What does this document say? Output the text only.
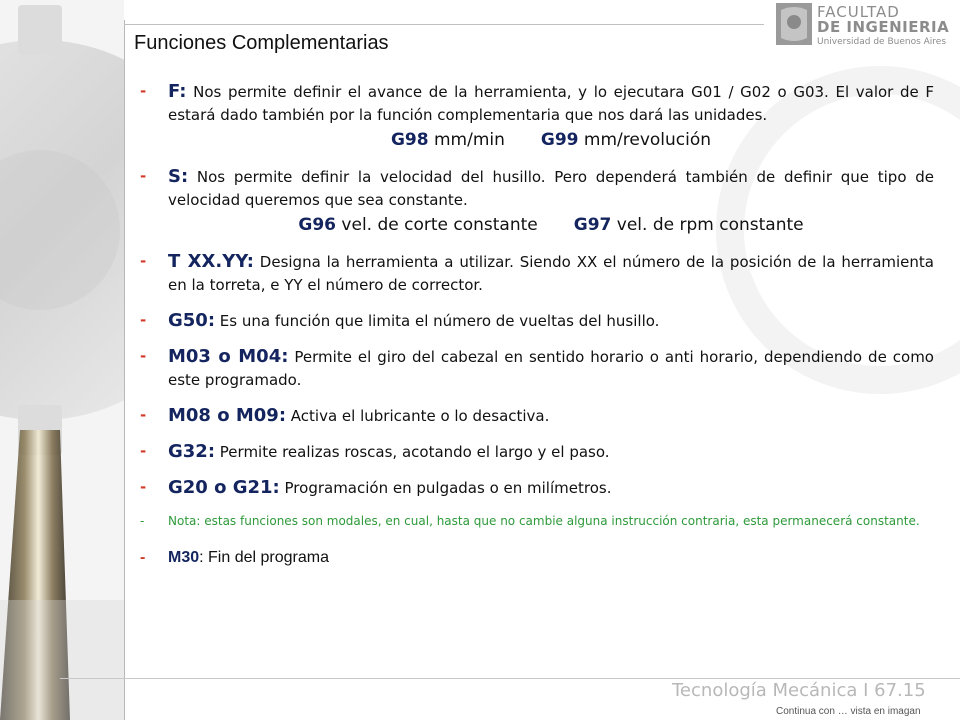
FACULTAD
DE INGENIERIA
Universidad de Buenos Aires
Funciones Complementarias
- F: Nos permite definir el avance de la herramienta, y lo ejecutara G01 / G02 o G03. El valor de F estará dado también por la función complementaria que nos dará las unidades.
G98 mm/min G99 mm/revolución
- S: Nos permite definir la velocidad del husillo. Pero dependerá también de definir que tipo de velocidad queremos que sea constante.
G96 vel. de corte constante G97 vel. de rpm constante
- T XX.YY: Designa la herramienta a utilizar. Siendo XX el número de la posición de la herramienta en la torreta, e YY el número de corrector.
- G50: Es una función que limita el número de vueltas del husillo.
- M03 o M04: Permite el giro del cabezal en sentido horario o anti horario, dependiendo de como este programado.
- M08 o M09: Activa el lubricante o lo desactiva.
- G32: Permite realizas roscas, acotando el largo y el paso.
- G20 o G21: Programación en pulgadas o en milímetros.
- Nota: estas funciones son modales, en cual, hasta que no cambie alguna instrucción contraria, esta permanecerá constante.
- M30: Fin del programa
Tecnología Mecánica I 67.15
Continua con … vista en imagan
